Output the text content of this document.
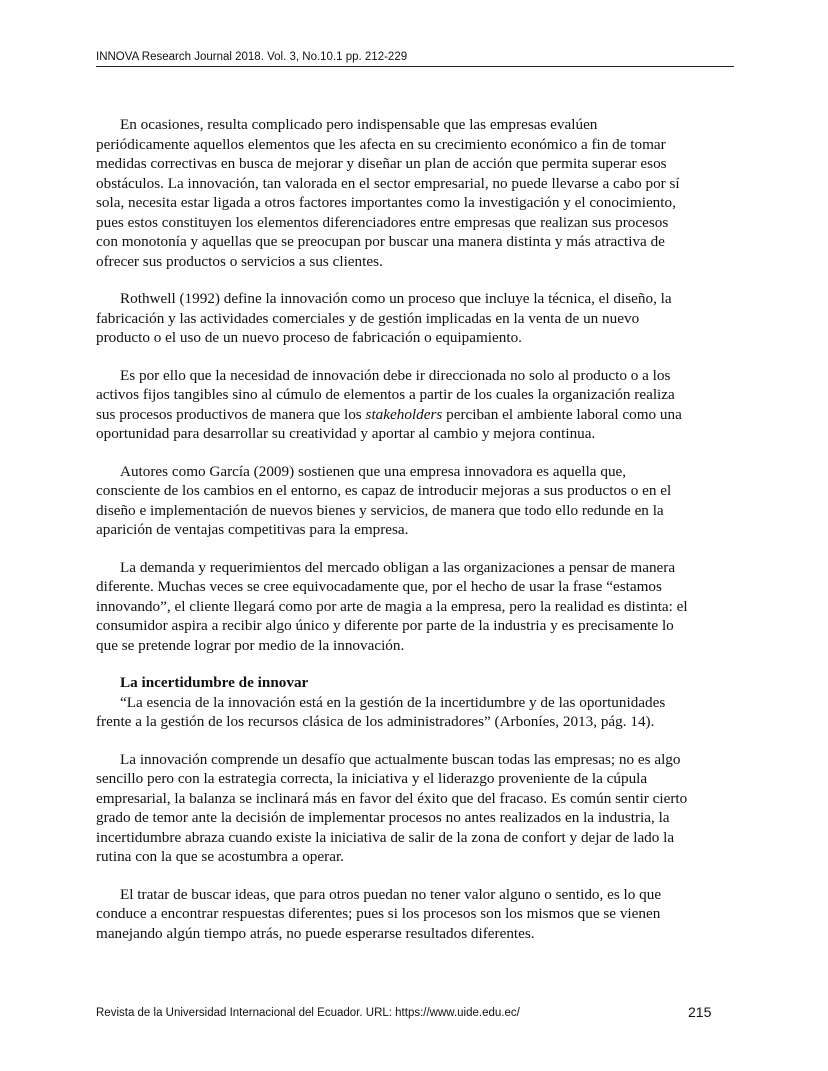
INNOVA Research Journal 2018. Vol. 3, No.10.1 pp. 212-229

En ocasiones, resulta complicado pero indispensable que las empresas evalúen
periódicamente aquellos elementos que les afecta en su crecimiento económico a fin de tomar
medidas correctivas en busca de mejorar y diseñar un plan de acción que permita superar esos
obstáculos. La innovación, tan valorada en el sector empresarial, no puede llevarse a cabo por sí
sola, necesita estar ligada a otros factores importantes como la investigación y el conocimiento,
pues estos constituyen los elementos diferenciadores entre empresas que realizan sus procesos
con monotonía y aquellas que se preocupan por buscar una manera distinta y más atractiva de
ofrecer sus productos o servicios a sus clientes.

Rothwell (1992) define la innovación como un proceso que incluye la técnica, el diseño, la
fabricación y las actividades comerciales y de gestión implicadas en la venta de un nuevo
producto o el uso de un nuevo proceso de fabricación o equipamiento.

Es por ello que la necesidad de innovación debe ir direccionada no solo al producto o a los
activos fijos tangibles sino al cúmulo de elementos a partir de los cuales la organización realiza
sus procesos productivos de manera que los stakeholders perciban el ambiente laboral como una
oportunidad para desarrollar su creatividad y aportar al cambio y mejora continua.

Autores como García (2009) sostienen que una empresa innovadora es aquella que,
consciente de los cambios en el entorno, es capaz de introducir mejoras a sus productos o en el
diseño e implementación de nuevos bienes y servicios, de manera que todo ello redunde en la
aparición de ventajas competitivas para la empresa.

La demanda y requerimientos del mercado obligan a las organizaciones a pensar de manera
diferente. Muchas veces se cree equivocadamente que, por el hecho de usar la frase “estamos
innovando”, el cliente llegará como por arte de magia a la empresa, pero la realidad es distinta: el
consumidor aspira a recibir algo único y diferente por parte de la industria y es precisamente lo
que se pretende lograr por medio de la innovación.

La incertidumbre de innovar
“La esencia de la innovación está en la gestión de la incertidumbre y de las oportunidades
frente a la gestión de los recursos clásica de los administradores” (Arboníes, 2013, pág. 14).

La innovación comprende un desafío que actualmente buscan todas las empresas; no es algo
sencillo pero con la estrategia correcta, la iniciativa y el liderazgo proveniente de la cúpula
empresarial, la balanza se inclinará más en favor del éxito que del fracaso. Es común sentir cierto
grado de temor ante la decisión de implementar procesos no antes realizados en la industria, la
incertidumbre abraza cuando existe la iniciativa de salir de la zona de confort y dejar de lado la
rutina con la que se acostumbra a operar.

El tratar de buscar ideas, que para otros puedan no tener valor alguno o sentido, es lo que
conduce a encontrar respuestas diferentes; pues si los procesos son los mismos que se vienen
manejando algún tiempo atrás, no puede esperarse resultados diferentes.

Revista de la Universidad Internacional del Ecuador. URL: https://www.uide.edu.ec/	215
